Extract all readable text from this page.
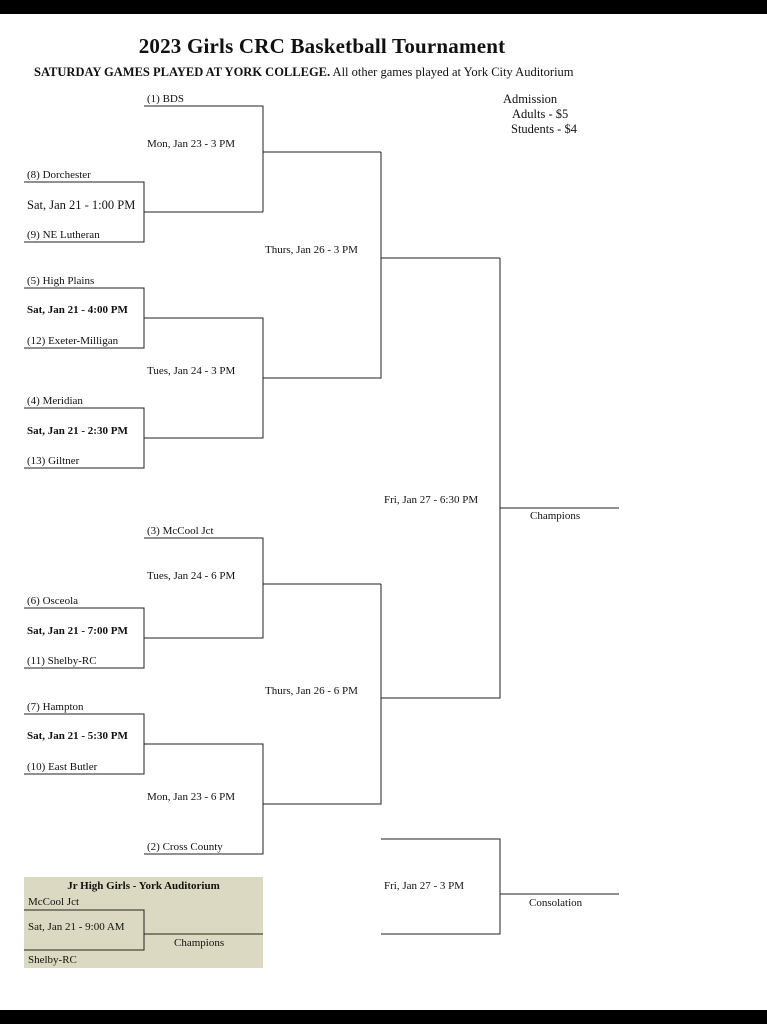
2023 Girls CRC Basketball Tournament
SATURDAY GAMES PLAYED AT YORK COLLEGE. All other games played at York City Auditorium
Admission
Adults - $5
Students - $4
(1) BDS
Mon, Jan 23 - 3 PM
(8) Dorchester
Sat, Jan 21 - 1:00 PM
(9) NE Lutheran
(5) High Plains
Sat, Jan 21 - 4:00 PM
(12) Exeter-Milligan
Tues, Jan 24 - 3 PM
(4) Meridian
Sat, Jan 21 - 2:30 PM
(13) Giltner
Thurs, Jan 26 - 3 PM
Fri, Jan 27 - 6:30 PM
Champions
(3) McCool Jct
Tues, Jan 24 - 6 PM
(6) Osceola
Sat, Jan 21 - 7:00 PM
(11) Shelby-RC
Thurs, Jan 26 - 6 PM
(7) Hampton
Sat, Jan 21 - 5:30 PM
(10) East Butler
Mon, Jan 23 - 6 PM
(2) Cross County
Fri, Jan 27 - 3 PM
Consolation
Jr High Girls - York Auditorium
McCool Jct
Sat, Jan 21 - 9:00 AM
Champions
Shelby-RC
